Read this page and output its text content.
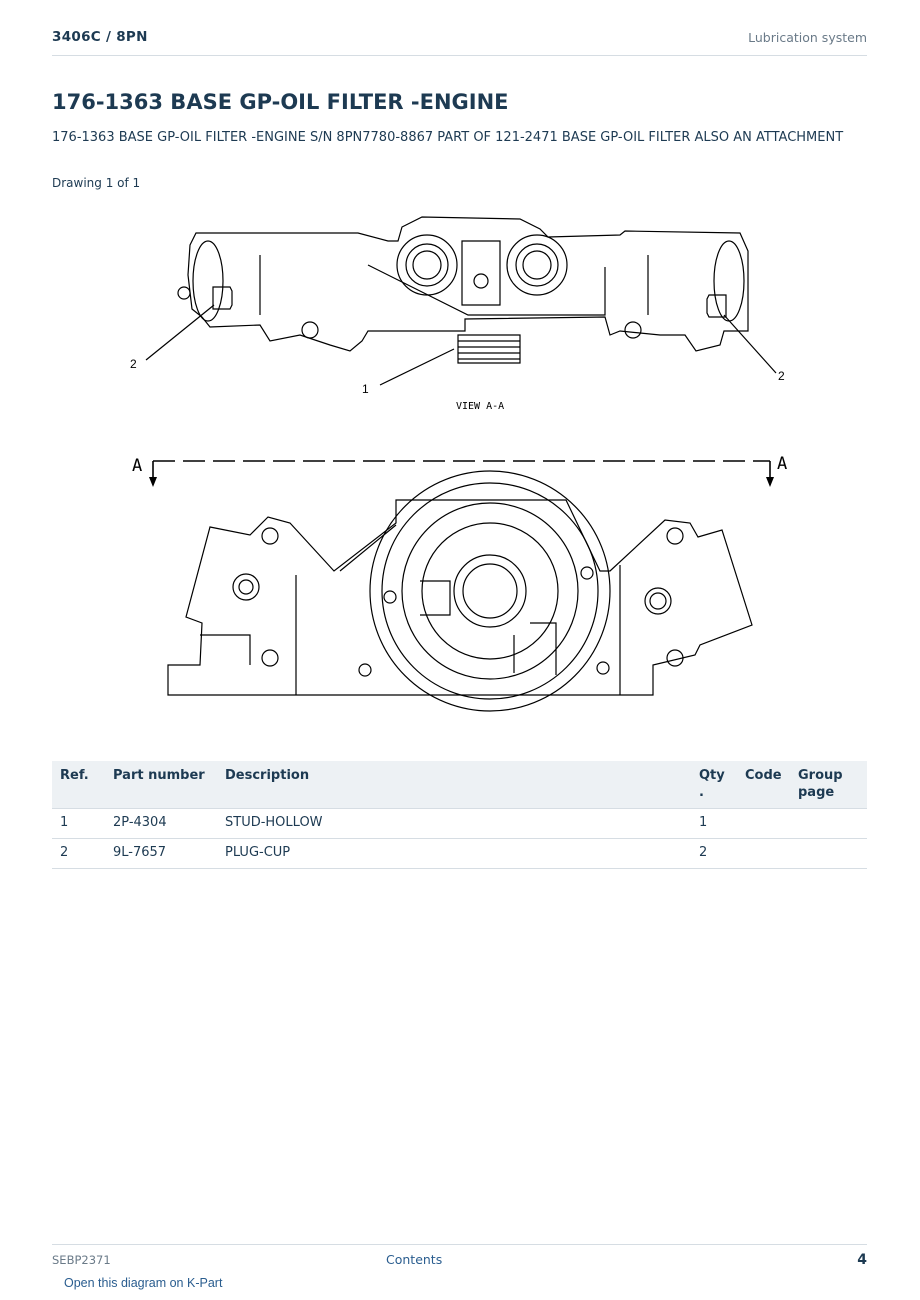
3406C / 8PN	Lubrication system
176-1363 BASE GP-OIL FILTER -ENGINE
176-1363 BASE GP-OIL FILTER -ENGINE S/N 8PN7780-8867 PART OF 121-2471 BASE GP-OIL FILTER ALSO AN ATTACHMENT
Drawing 1 of 1
2
1
2
VIEW A-A
A	A
Ref.	Part number	Description	Qty .	Code	Group page
1	2P-4304	STUD-HOLLOW	1		
2	9L-7657	PLUG-CUP	2		
SEBP2371	Contents	4
Open this diagram on K-Part
